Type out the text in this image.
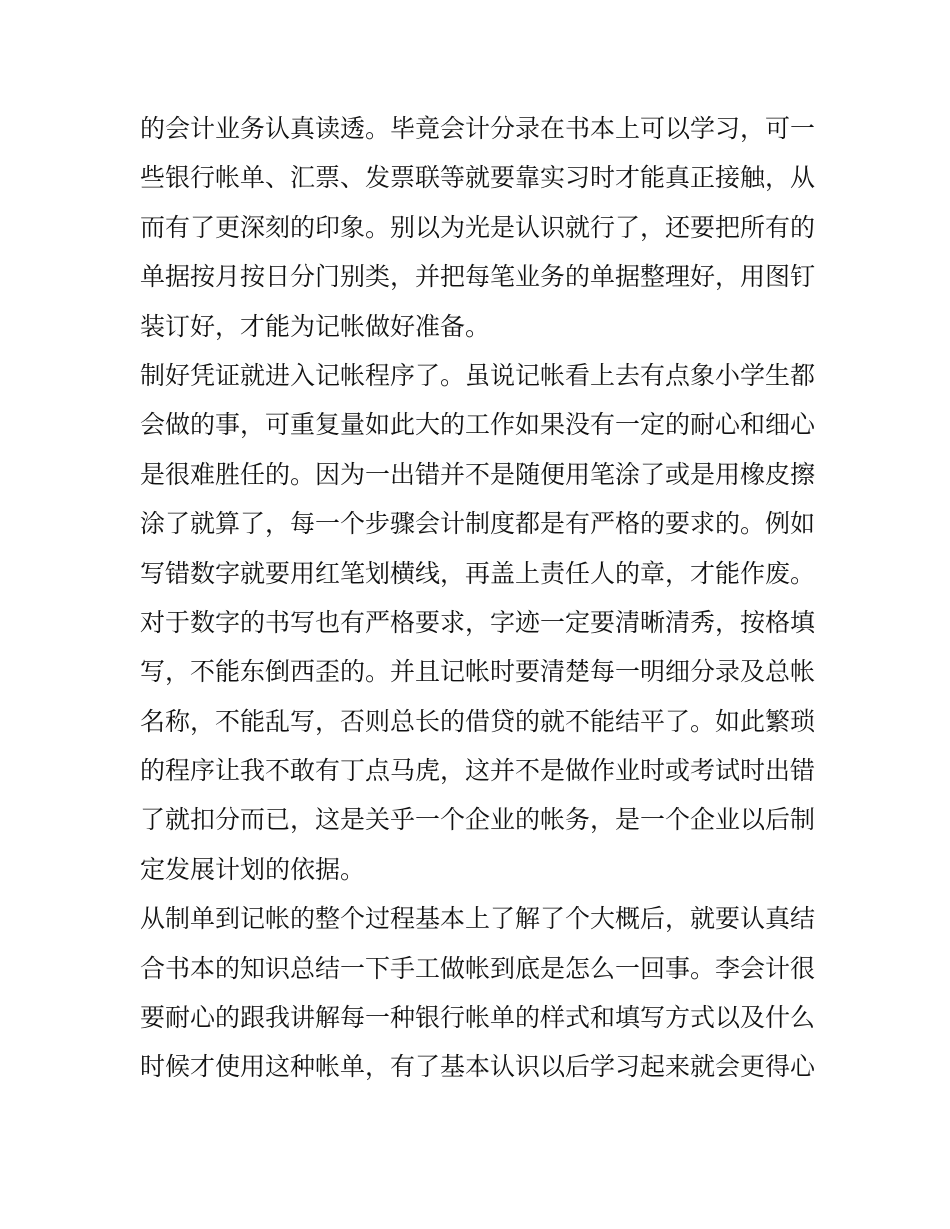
的会计业务认真读透。毕竟会计分录在书本上可以学习，可一
些银行帐单、汇票、发票联等就要靠实习时才能真正接触，从
而有了更深刻的印象。别以为光是认识就行了，还要把所有的
单据按月按日分门别类，并把每笔业务的单据整理好，用图钉
装订好，才能为记帐做好准备。
制好凭证就进入记帐程序了。虽说记帐看上去有点象小学生都
会做的事，可重复量如此大的工作如果没有一定的耐心和细心
是很难胜任的。因为一出错并不是随便用笔涂了或是用橡皮擦
涂了就算了，每一个步骤会计制度都是有严格的要求的。例如
写错数字就要用红笔划横线，再盖上责任人的章，才能作废。
对于数字的书写也有严格要求，字迹一定要清晰清秀，按格填
写，不能东倒西歪的。并且记帐时要清楚每一明细分录及总帐
名称，不能乱写，否则总长的借贷的就不能结平了。如此繁琐
的程序让我不敢有丁点马虎，这并不是做作业时或考试时出错
了就扣分而已，这是关乎一个企业的帐务，是一个企业以后制
定发展计划的依据。
从制单到记帐的整个过程基本上了解了个大概后，就要认真结
合书本的知识总结一下手工做帐到底是怎么一回事。李会计很
要耐心的跟我讲解每一种银行帐单的样式和填写方式以及什么
时候才使用这种帐单，有了基本认识以后学习起来就会更得心
